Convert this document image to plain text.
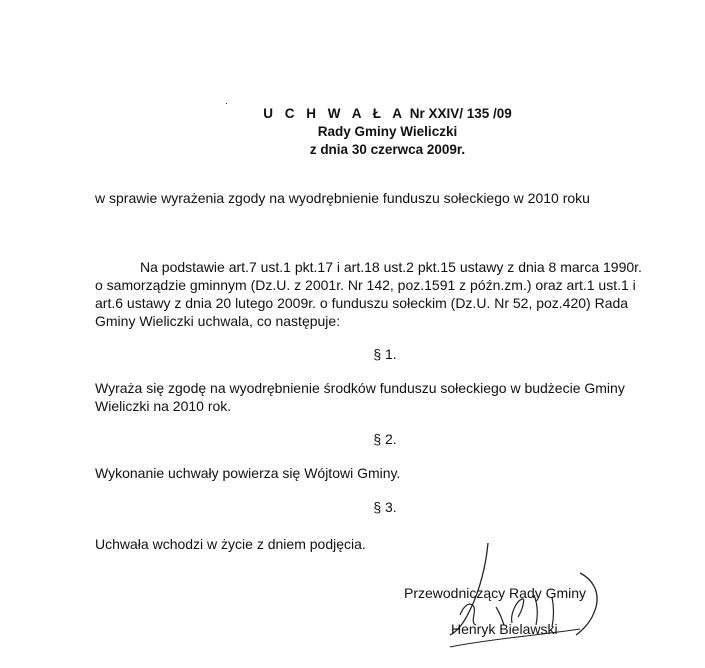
U C H W A Ł A Nr XXIV/ 135 /09
Rady Gminy Wieliczki
z dnia 30 czerwca 2009r.
w sprawie wyrażenia zgody na wyodrębnienie funduszu sołeckiego w 2010 roku
Na podstawie art.7 ust.1 pkt.17 i art.18 ust.2 pkt.15 ustawy z dnia 8 marca 1990r.
o samorządzie gminnym (Dz.U. z 2001r. Nr 142, poz.1591 z późn.zm.) oraz art.1 ust.1 i
art.6 ustawy z dnia 20 lutego 2009r. o funduszu sołeckim (Dz.U. Nr 52, poz.420) Rada
Gminy Wieliczki uchwala, co następuje:
§ 1.
Wyraża się zgodę na wyodrębnienie środków funduszu sołeckiego w budżecie Gminy
Wieliczki na 2010 rok.
§ 2.
Wykonanie uchwały powierza się Wójtowi Gminy.
§ 3.
Uchwała wchodzi w życie z dniem podjęcia.
Przewodniczący Rady Gminy
Henryk Bielawski
